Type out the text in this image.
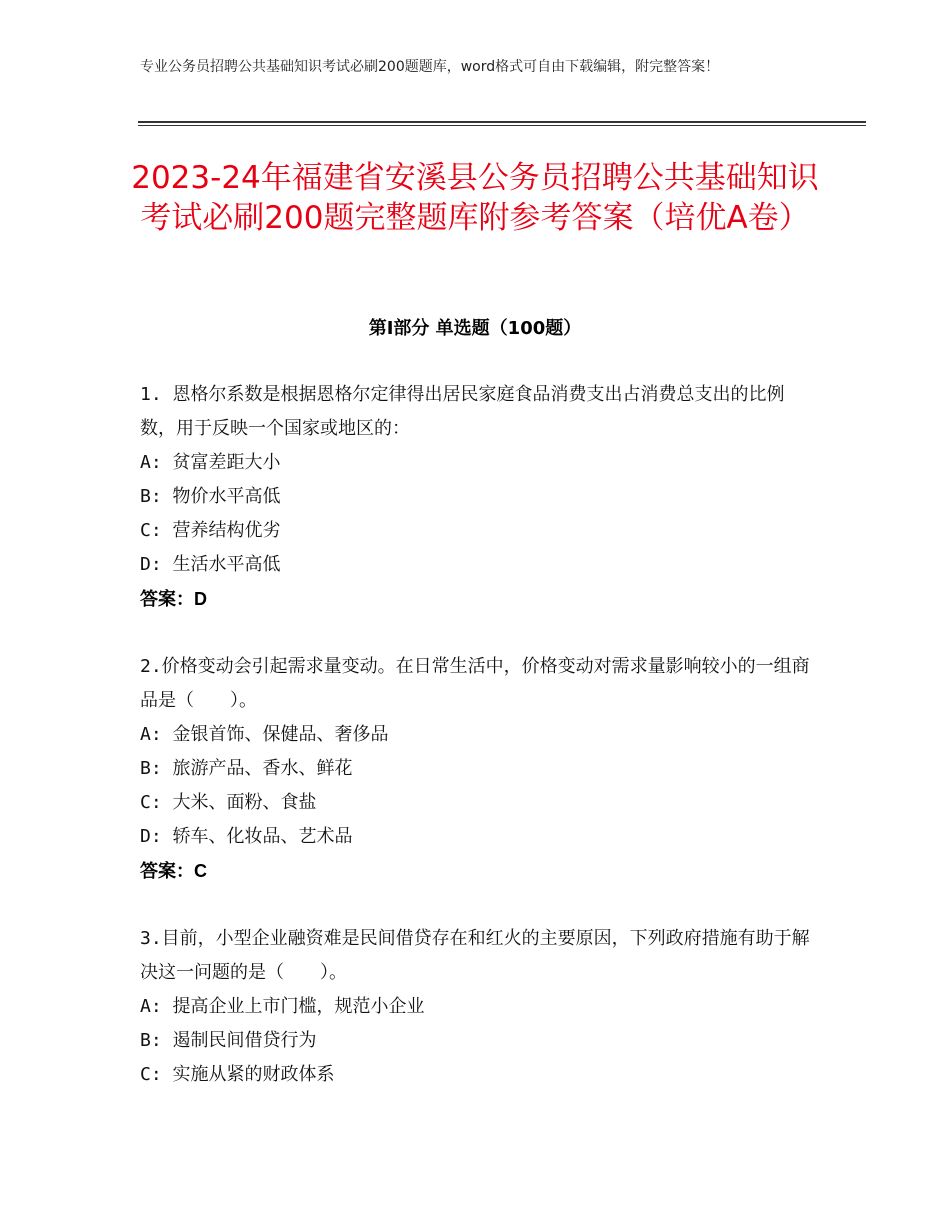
专业公务员招聘公共基础知识考试必刷200题题库，word格式可自由下载编辑，附完整答案！
2023-24年福建省安溪县公务员招聘公共基础知识考试必刷200题完整题库附参考答案（培优A卷）
第Ⅰ部分 单选题（100题）
1. 恩格尔系数是根据恩格尔定律得出居民家庭食品消费支出占消费总支出的比例数，用于反映一个国家或地区的：
A: 贫富差距大小
B: 物价水平高低
C: 营养结构优劣
D: 生活水平高低
答案：D
2.价格变动会引起需求量变动。在日常生活中，价格变动对需求量影响较小的一组商品是（　　）。
A: 金银首饰、保健品、奢侈品
B: 旅游产品、香水、鲜花
C: 大米、面粉、食盐
D: 轿车、化妆品、艺术品
答案：C
3.目前，小型企业融资难是民间借贷存在和红火的主要原因，下列政府措施有助于解决这一问题的是（　　）。
A: 提高企业上市门槛，规范小企业
B: 遏制民间借贷行为
C: 实施从紧的财政体系
